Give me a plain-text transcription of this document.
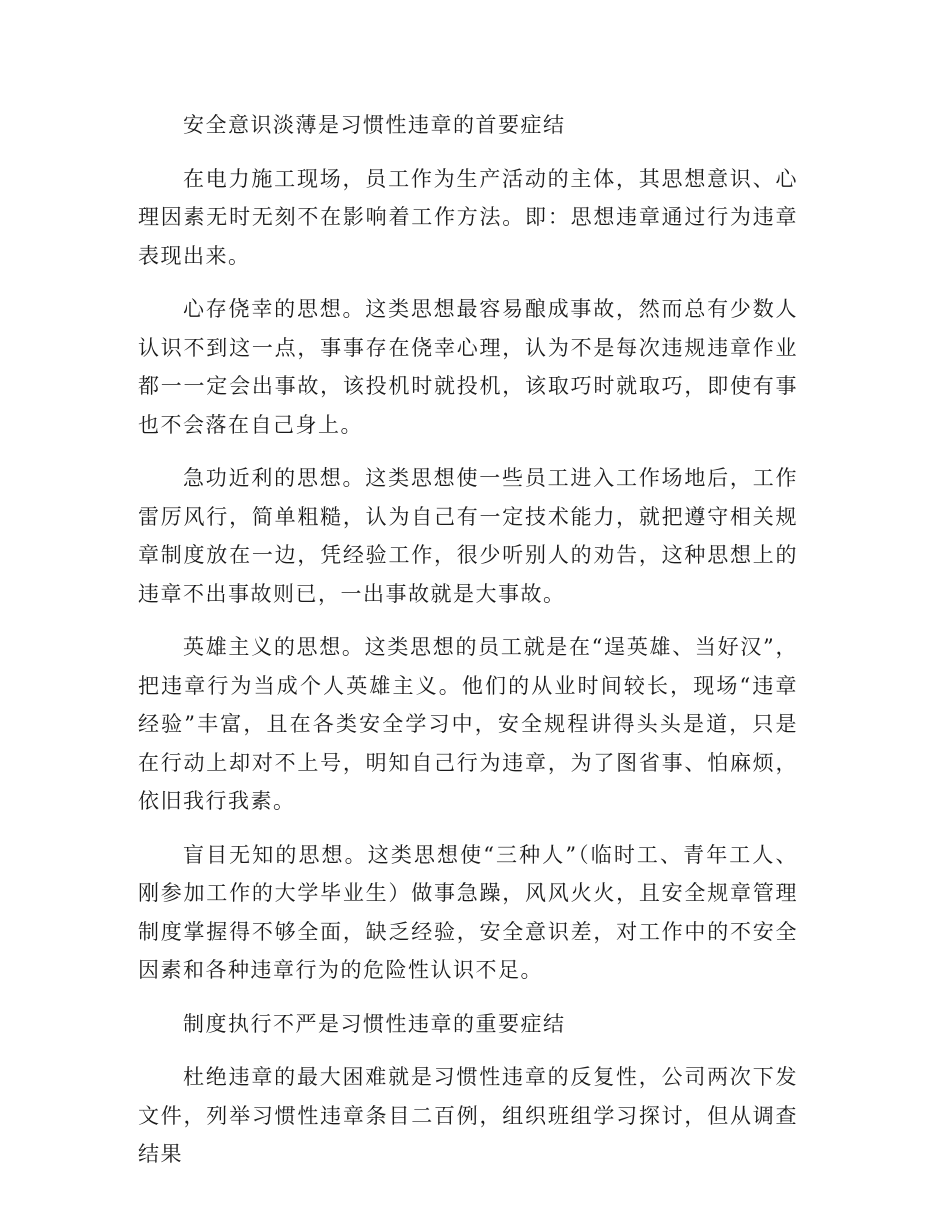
安全意识淡薄是习惯性违章的首要症结

在电力施工现场，员工作为生产活动的主体，其思想意识、心理因素无时无刻不在影响着工作方法。即：思想违章通过行为违章表现出来。

心存侥幸的思想。这类思想最容易酿成事故，然而总有少数人认识不到这一点，事事存在侥幸心理，认为不是每次违规违章作业都一一定会出事故，该投机时就投机，该取巧时就取巧，即使有事也不会落在自己身上。

急功近利的思想。这类思想使一些员工进入工作场地后，工作雷厉风行，简单粗糙，认为自己有一定技术能力，就把遵守相关规章制度放在一边，凭经验工作，很少听别人的劝告，这种思想上的违章不出事故则已，一出事故就是大事故。

英雄主义的思想。这类思想的员工就是在“逞英雄、当好汉”，把违章行为当成个人英雄主义。他们的从业时间较长，现场“违章经验”丰富，且在各类安全学习中，安全规程讲得头头是道，只是在行动上却对不上号，明知自己行为违章，为了图省事、怕麻烦，依旧我行我素。

盲目无知的思想。这类思想使“三种人”（临时工、青年工人、刚参加工作的大学毕业生）做事急躁，风风火火，且安全规章管理制度掌握得不够全面，缺乏经验，安全意识差，对工作中的不安全因素和各种违章行为的危险性认识不足。

制度执行不严是习惯性违章的重要症结

杜绝违章的最大困难就是习惯性违章的反复性，公司两次下发文件，列举习惯性违章条目二百例，组织班组学习探讨，但从调查结果
